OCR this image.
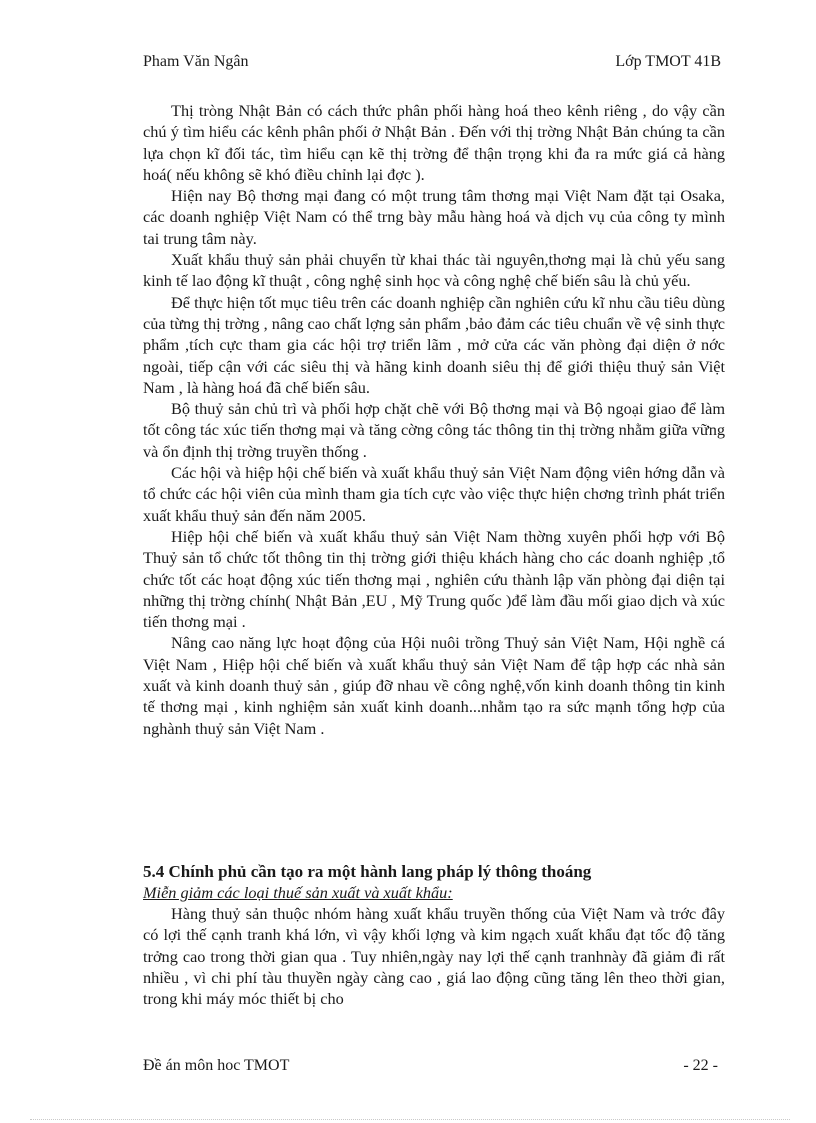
Pham Văn Ngân	Lớp TMOT 41B

Thị tròng Nhật Bản có cách thức phân phối hàng hoá theo kênh riêng , do vậy cần chú ý tìm hiểu các kênh phân phối ở Nhật Bản . Đến với thị trờng Nhật Bản chúng ta cần lựa chọn kĩ đối tác, tìm hiểu cạn kẽ thị trờng để thận trọng khi đa ra mức giá cả hàng hoá( nếu không sẽ khó điều chỉnh lại đợc ).

Hiện nay Bộ thơng mại đang có một trung tâm thơng mại Việt Nam đặt tại Osaka, các doanh nghiệp Việt Nam có thể trng bày mẫu hàng hoá và dịch vụ của công ty mình tai trung tâm này.

Xuất khẩu thuỷ sản phải chuyển từ khai thác tài nguyên,thơng mại là chủ yếu sang kinh tế lao động kĩ thuật , công nghệ sinh học và công nghệ chế biến sâu là chủ yếu.

Để thực hiện tốt mục tiêu trên các doanh nghiệp cần nghiên cứu kĩ nhu cầu tiêu dùng của từng thị trờng , nâng cao chất lợng sản phẩm ,bảo đảm các tiêu chuẩn về vệ sinh thực phẩm ,tích cực tham gia các hội trợ triển lãm , mở cửa các văn phòng đại diện ở nớc ngoài, tiếp cận với các siêu thị và hãng kinh doanh siêu thị để giới thiệu thuỷ sản Việt Nam , là hàng hoá đã chế biến sâu.

Bộ thuỷ sản chủ trì và phối hợp chặt chẽ với Bộ thơng mại và Bộ ngoại giao để làm tốt công tác xúc tiến thơng mại và tăng cờng công tác thông tin thị trờng nhằm giữa vững và ổn định thị trờng truyền thống .

Các hội và hiệp hội chế biến và xuất khẩu thuỷ sản Việt Nam động viên hớng dẫn và tổ chức các hội viên của mình tham gia tích cực vào việc thực hiện chơng trình phát triển xuất khẩu thuỷ sản đến năm 2005.

Hiệp hội chế biến và xuất khẩu thuỷ sản Việt Nam thờng xuyên phối hợp với Bộ Thuỷ sản tổ chức tốt thông tin thị trờng giới thiệu khách hàng cho các doanh nghiệp ,tổ chức tốt các hoạt động xúc tiến thơng mại , nghiên cứu thành lập văn phòng đại diện tại những thị trờng chính( Nhật Bản ,EU , Mỹ Trung quốc )để làm đầu mối giao dịch và xúc tiến thơng mại .

Nâng cao năng lực hoạt động của Hội nuôi trồng Thuỷ sản Việt Nam, Hội nghề cá Việt Nam , Hiệp hội chế biến và xuất khẩu thuỷ sản Việt Nam để tập hợp các nhà sản xuất và kinh doanh thuỷ sản , giúp đỡ nhau về công nghệ,vốn kinh doanh thông tin kinh tế thơng mại , kinh nghiệm sản xuất kinh doanh...nhằm tạo ra sức mạnh tổng hợp của nghành thuỷ sản Việt Nam .

5.4 Chính phủ cần tạo ra một hành lang pháp lý thông thoáng

Miễn giảm các loại thuế sản xuất và xuất khẩu:

Hàng thuỷ sản thuộc nhóm hàng xuất khẩu truyền thống của Việt Nam và trớc đây có lợi thế cạnh tranh khá lớn, vì vậy khối lợng và kim ngạch xuất khẩu đạt tốc độ tăng trởng cao trong thời gian qua . Tuy nhiên,ngày nay lợi thế cạnh tranhnày đã giảm đi rất nhiều , vì chi phí tàu thuyền ngày càng cao , giá lao động cũng tăng lên theo thời gian, trong khi máy móc thiết bị cho

Đề án môn hoc TMOT	- 22 -
